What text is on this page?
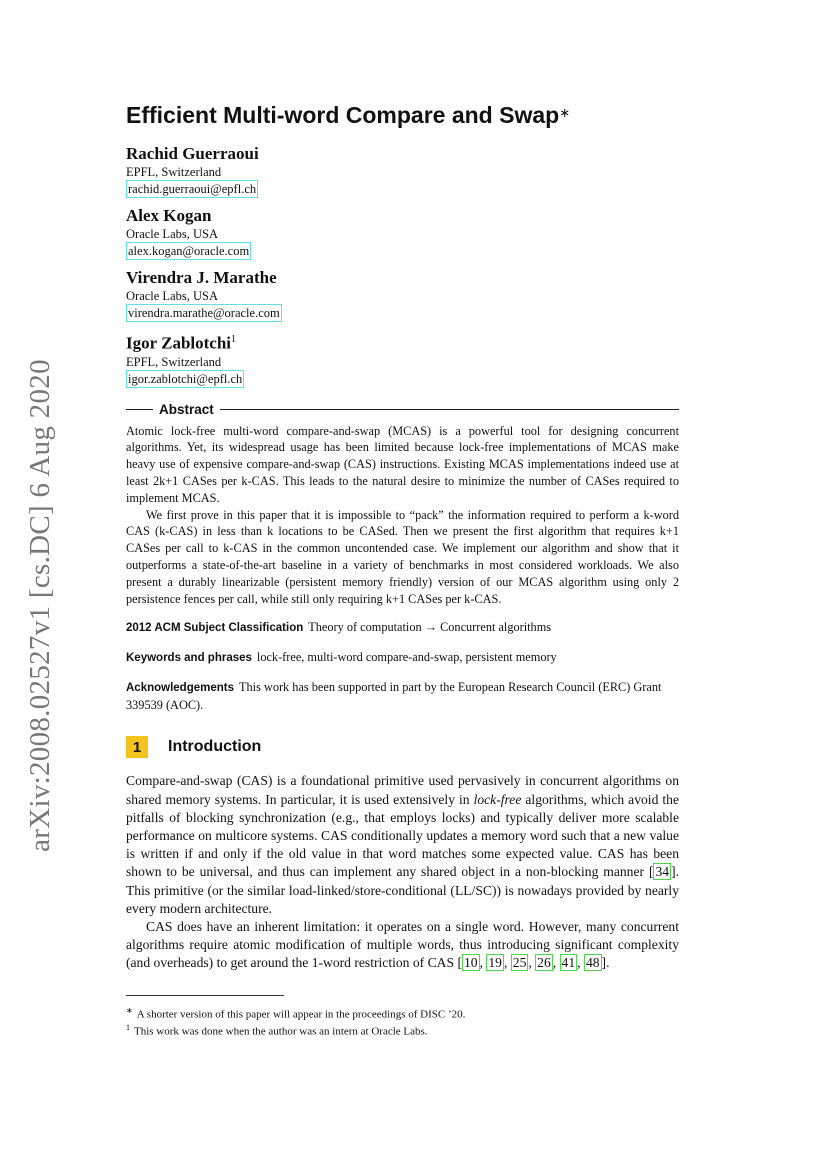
arXiv:2008.02527v1 [cs.DC] 6 Aug 2020
Efficient Multi-word Compare and Swap∗
Rachid Guerraoui
EPFL, Switzerland
rachid.guerraoui@epfl.ch
Alex Kogan
Oracle Labs, USA
alex.kogan@oracle.com
Virendra J. Marathe
Oracle Labs, USA
virendra.marathe@oracle.com
Igor Zablotchi$^1$
EPFL, Switzerland
igor.zablotchi@epfl.ch
Abstract

Atomic lock-free multi-word compare-and-swap (MCAS) is a powerful tool for designing concurrent algorithms. Yet, its widespread usage has been limited because lock-free implementations of MCAS make heavy use of expensive compare-and-swap (CAS) instructions. Existing MCAS implementations indeed use at least 2k+1 CASes per k-CAS. This leads to the natural desire to minimize the number of CASes required to implement MCAS.

We first prove in this paper that it is impossible to “pack” the information required to perform a k-word CAS (k-CAS) in less than k locations to be CASed. Then we present the first algorithm that requires k+1 CASes per call to k-CAS in the common uncontended case. We implement our algorithm and show that it outperforms a state-of-the-art baseline in a variety of benchmarks in most considered workloads. We also present a durably linearizable (persistent memory friendly) version of our MCAS algorithm using only 2 persistence fences per call, while still only requiring k+1 CASes per k-CAS.

2012 ACM Subject Classification Theory of computation → Concurrent algorithms
Keywords and phrases lock-free, multi-word compare-and-swap, persistent memory
Acknowledgements This work has been supported in part by the European Research Council (ERC) Grant 339539 (AOC).
1	Introduction

Compare-and-swap (CAS) is a foundational primitive used pervasively in concurrent algorithms on shared memory systems. In particular, it is used extensively in lock-free algorithms, which avoid the pitfalls of blocking synchronization (e.g., that employs locks) and typically deliver more scalable performance on multicore systems. CAS conditionally updates a memory word such that a new value is written if and only if the old value in that word matches some expected value. CAS has been shown to be universal, and thus can implement any shared object in a non-blocking manner [ 34 ]. This primitive (or the similar load-linked/store-conditional (LL/SC)) is nowadays provided by nearly every modern architecture.

CAS does have an inherent limitation: it operates on a single word. However, many concurrent algorithms require atomic modification of multiple words, thus introducing significant complexity (and overheads) to get around the 1-word restriction of CAS [ 10 , 19 , 25 , 26 , 41 , 48 ].

∗ A shorter version of this paper will appear in the proceedings of DISC ’20.
$^1$ This work was done when the author was an intern at Oracle Labs.
